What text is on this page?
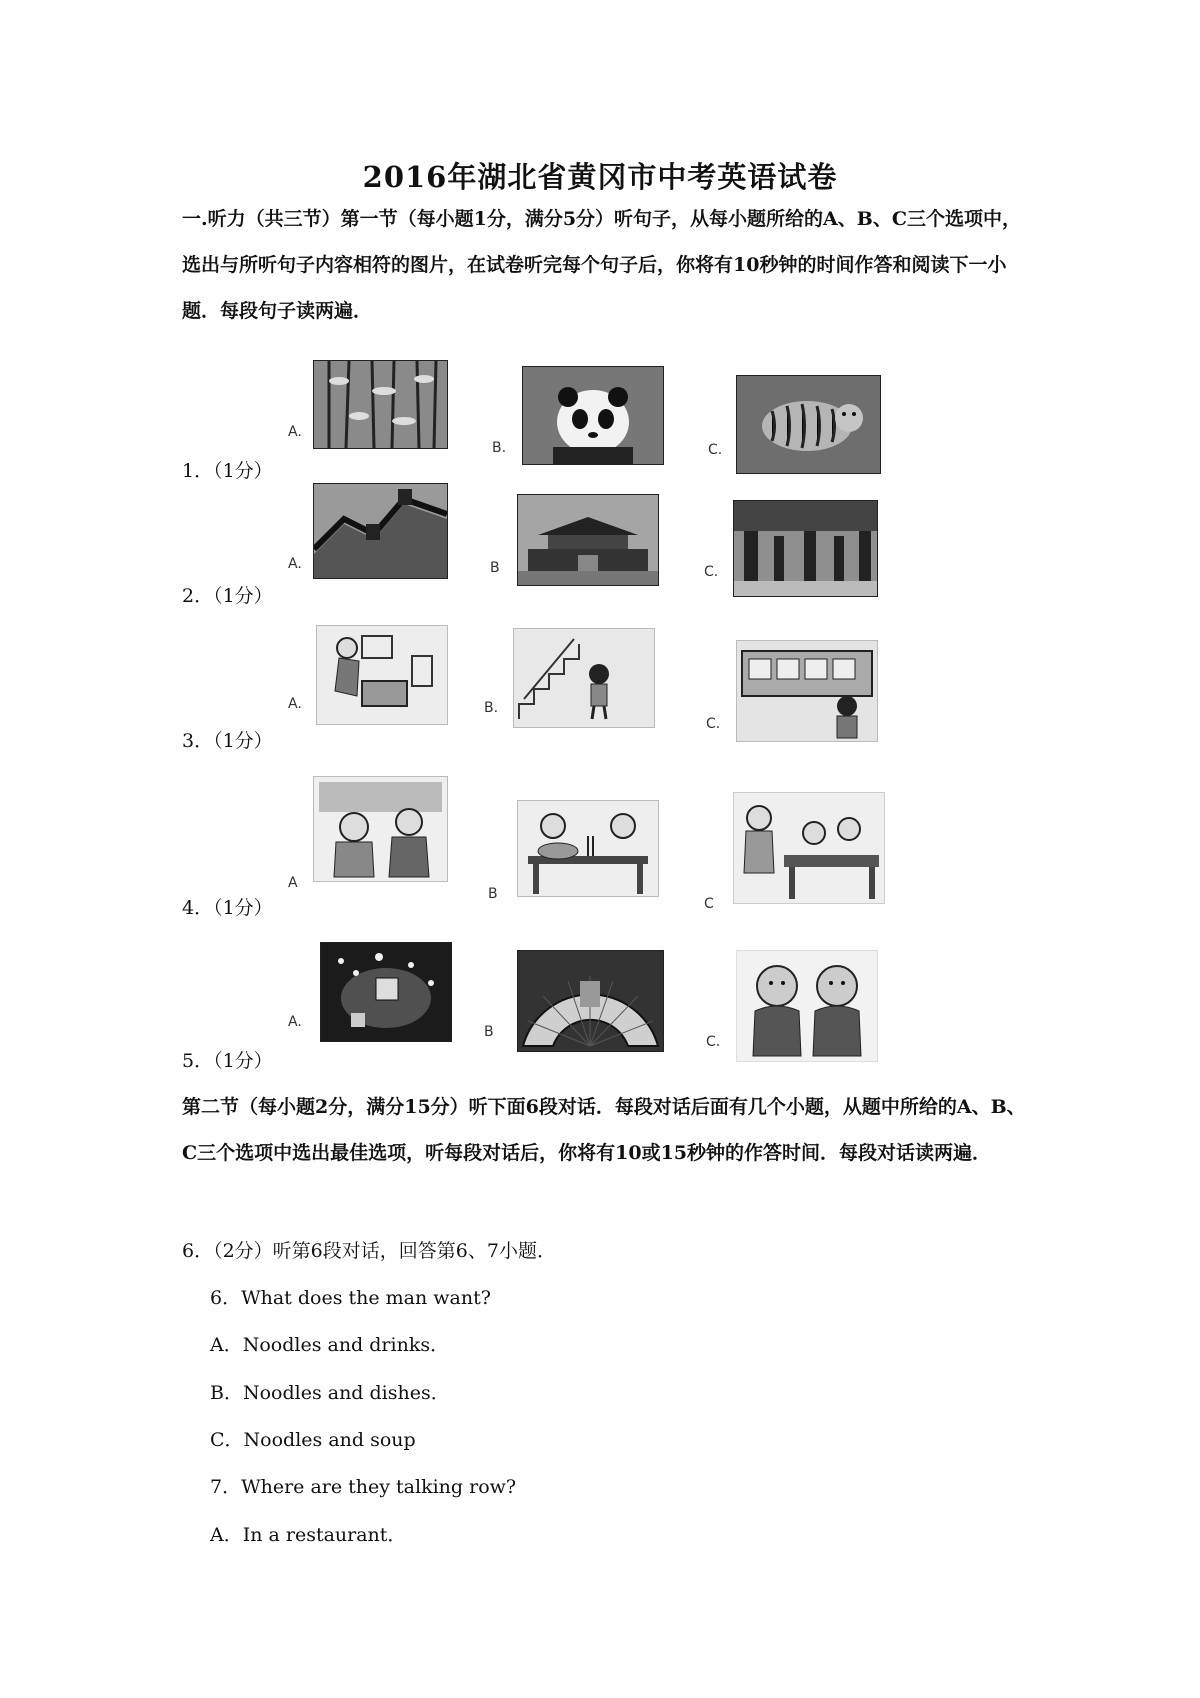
2016年湖北省黄冈市中考英语试卷
一.听力（共三节）第一节（每小题1分，满分5分）听句子，从每小题所给的A、B、C三个选项中，选出与所听句子内容相符的图片，在试卷听完每个句子后，你将有10秒钟的时间作答和阅读下一小题．每段句子读两遍．
1．（1分）
A.
B.	C.
2．（1分）
A.	B	C.
3．（1分）
A.	B.
C.
4．（1分）
A
B
C
5．（1分）
A.
B
C.
第二节（每小题2分，满分15分）听下面6段对话．每段对话后面有几个小题，从题中所给的A、B、C三个选项中选出最佳选项，听每段对话后，你将有10或15秒钟的作答时间．每段对话读两遍．
6．（2分）听第6段对话，回答第6、7小题．
6．What does the man want?
A．Noodles and drinks．
B．Noodles and dishes．
C．Noodles and soup
7．Where are they talking row?
A．In a restaurant．
